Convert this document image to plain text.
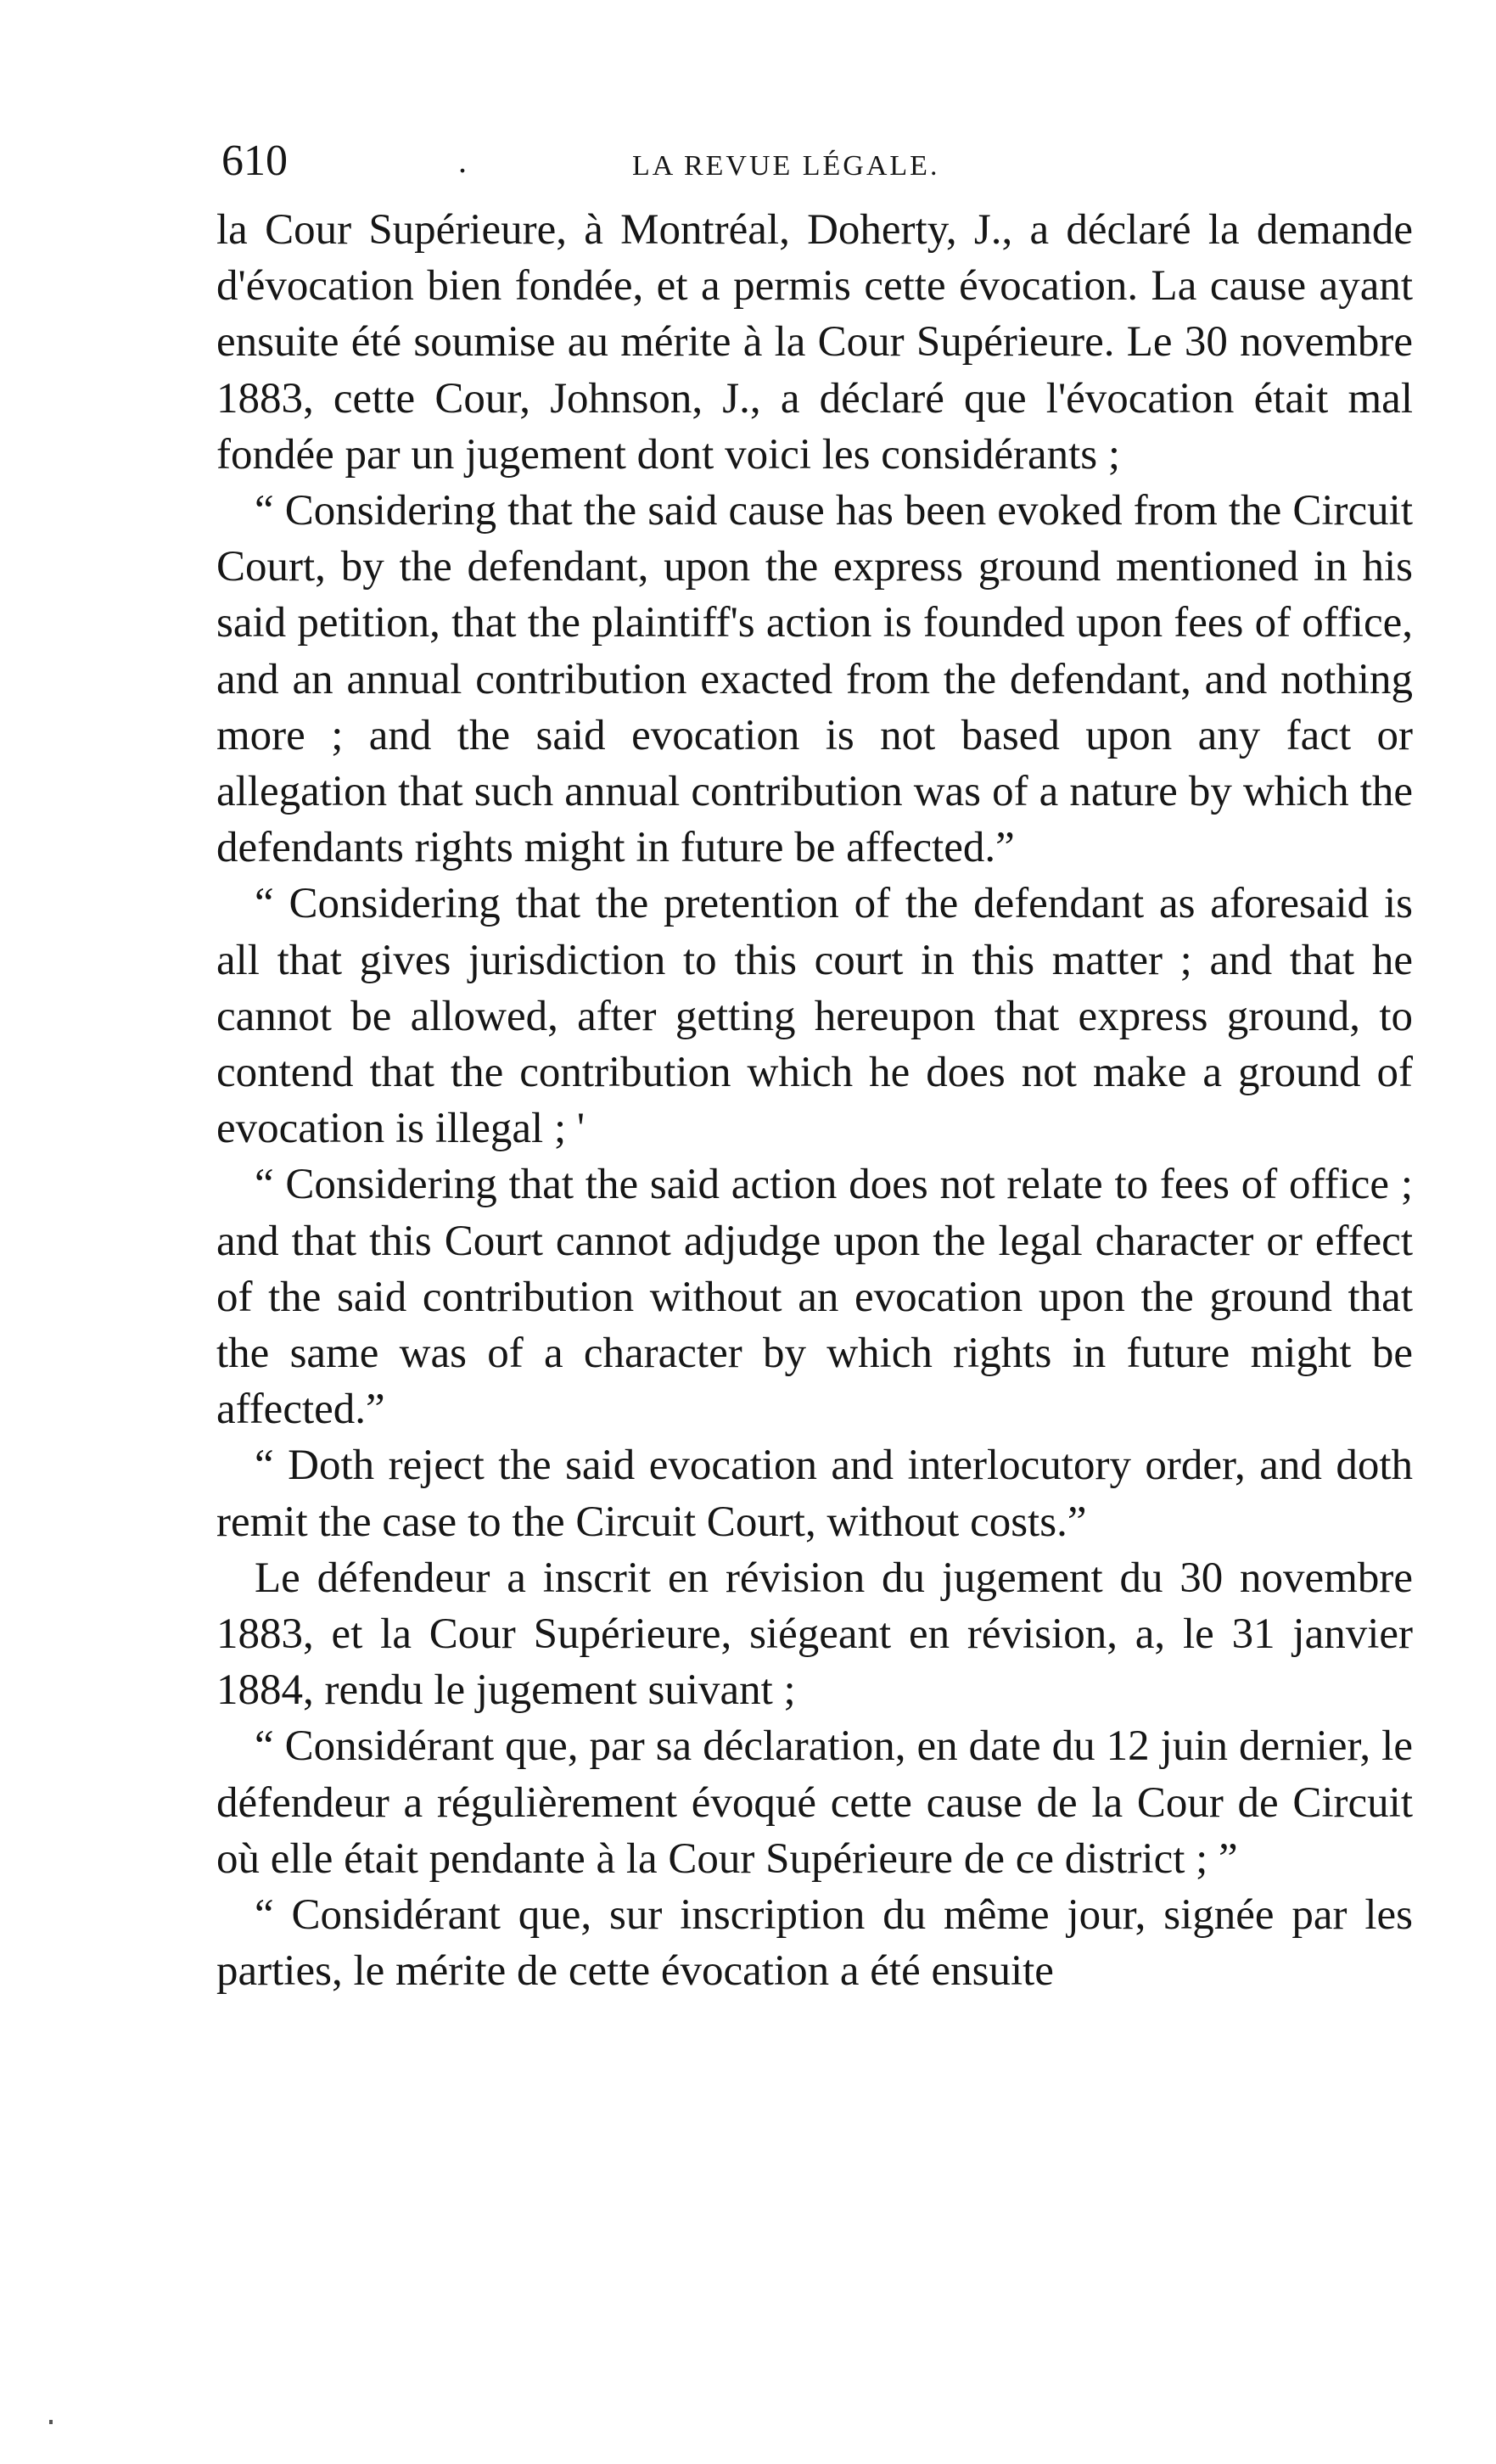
610	.	LA REVUE LÉGALE.

la Cour Supérieure, à Montréal, Doherty, J., a déclaré la demande d'évocation bien fondée, et a permis cette évocation. La cause ayant ensuite été soumise au mérite à la Cour Supérieure. Le 30 novembre 1883, cette Cour, Johnson, J., a déclaré que l'évocation était mal fondée par un jugement dont voici les considérants ;

“ Considering that the said cause has been evoked from the Circuit Court, by the defendant, upon the express ground mentioned in his said petition, that the plaintiff's action is founded upon fees of office, and an annual contribution exacted from the defendant, and nothing more ; and the said evocation is not based upon any fact or allegation that such annual contribution was of a nature by which the defendants rights might in future be affected.”

“ Considering that the pretention of the defendant as aforesaid is all that gives jurisdiction to this court in this matter ; and that he cannot be allowed, after getting hereupon that express ground, to contend that the contribution which he does not make a ground of evocation is illegal ; '

“ Considering that the said action does not relate to fees of office ; and that this Court cannot adjudge upon the legal character or effect of the said contribution without an evocation upon the ground that the same was of a character by which rights in future might be affected.”

“ Doth reject the said evocation and interlocutory order, and doth remit the case to the Circuit Court, without costs.”

Le défendeur a inscrit en révision du jugement du 30 novembre 1883, et la Cour Supérieure, siégeant en révision, a, le 31 janvier 1884, rendu le jugement suivant ;

“ Considérant que, par sa déclaration, en date du 12 juin dernier, le défendeur a régulièrement évoqué cette cause de la Cour de Circuit où elle était pendante à la Cour Supérieure de ce district ; ”

“ Considérant que, sur inscription du même jour, signée par les parties, le mérite de cette évocation a été ensuite
